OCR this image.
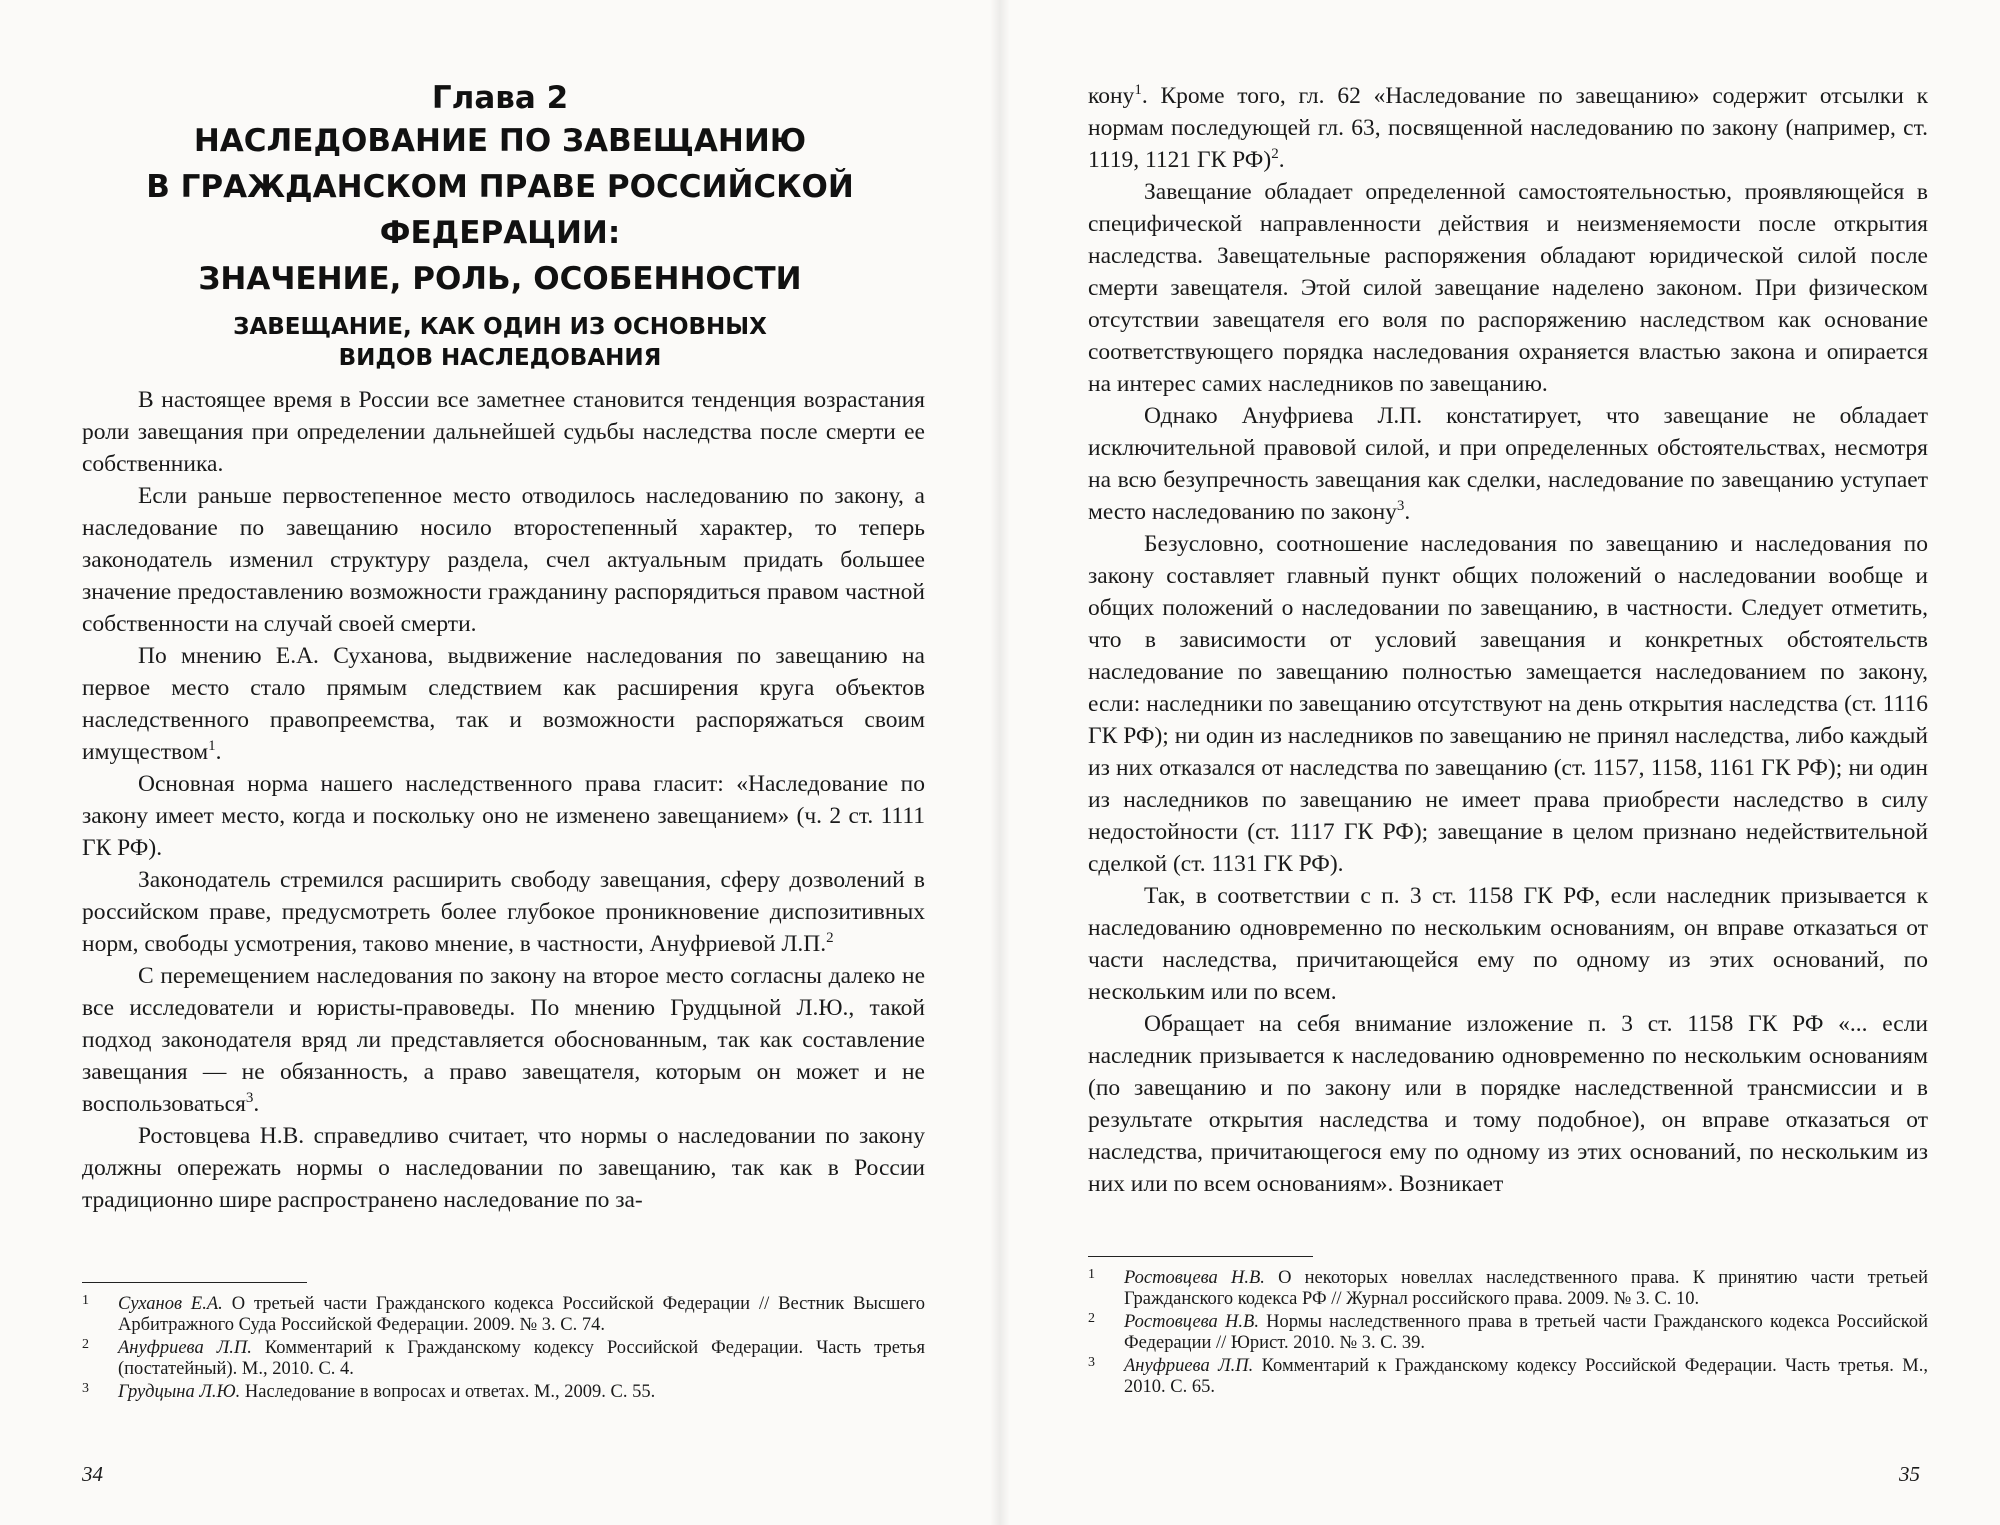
Глава 2
НАСЛЕДОВАНИЕ ПО ЗАВЕЩАНИЮ
В ГРАЖДАНСКОМ ПРАВЕ РОССИЙСКОЙ ФЕДЕРАЦИИ:
ЗНАЧЕНИЕ, РОЛЬ, ОСОБЕННОСТИ
ЗАВЕЩАНИЕ, КАК ОДИН ИЗ ОСНОВНЫХ
ВИДОВ НАСЛЕДОВАНИЯ

В настоящее время в России все заметнее становится тенденция возрастания роли завещания при определении дальнейшей судьбы наследства после смерти ее собственника.

Если раньше первостепенное место отводилось наследованию по закону, а наследование по завещанию носило второстепенный характер, то теперь законодатель изменил структуру раздела, счел актуальным придать большее значение предоставлению возможности гражданину распорядиться правом частной собственности на случай своей смерти.

По мнению Е.А. Суханова, выдвижение наследования по завещанию на первое место стало прямым следствием как расширения круга объектов наследственного правопреемства, так и возможности распоряжаться своим имуществом$^1$.

Основная норма нашего наследственного права гласит: «Наследование по закону имеет место, когда и поскольку оно не изменено завещанием» (ч. 2 ст. 1111 ГК РФ).

Законодатель стремился расширить свободу завещания, сферу дозволений в российском праве, предусмотреть более глубокое проникновение диспозитивных норм, свободы усмотрения, таково мнение, в частности, Ануфриевой Л.П.$^2$

С перемещением наследования по закону на второе место согласны далеко не все исследователи и юристы-правоведы. По мнению Грудцыной Л.Ю., такой подход законодателя вряд ли представляется обоснованным, так как составление завещания — не обязанность, а право завещателя, которым он может и не воспользоваться$^3$.

Ростовцева Н.В. справедливо считает, что нормы о наследовании по закону должны опережать нормы о наследовании по завещанию, так как в России традиционно шире распространено наследование по за-

1 Суханов Е.А. О третьей части Гражданского кодекса Российской Федерации // Вестник Высшего Арбитражного Суда Российской Федерации. 2009. № 3. С. 74.
2 Ануфриева Л.П. Комментарий к Гражданскому кодексу Российской Федерации. Часть третья (постатейный). М., 2010. С. 4.
3 Грудцына Л.Ю. Наследование в вопросах и ответах. М., 2009. С. 55.
34	35

кону$^1$. Кроме того, гл. 62 «Наследование по завещанию» содержит отсылки к нормам последующей гл. 63, посвященной наследованию по закону (например, ст. 1119, 1121 ГК РФ)$^2$.

Завещание обладает определенной самостоятельностью, проявляющейся в специфической направленности действия и неизменяемости после открытия наследства. Завещательные распоряжения обладают юридической силой после смерти завещателя. Этой силой завещание наделено законом. При физическом отсутствии завещателя его воля по распоряжению наследством как основание соответствующего порядка наследования охраняется властью закона и опирается на интерес самих наследников по завещанию.

Однако Ануфриева Л.П. констатирует, что завещание не обладает исключительной правовой силой, и при определенных обстоятельствах, несмотря на всю безупречность завещания как сделки, наследование по завещанию уступает место наследованию по закону$^3$.

Безусловно, соотношение наследования по завещанию и наследования по закону составляет главный пункт общих положений о наследовании вообще и общих положений о наследовании по завещанию, в частности. Следует отметить, что в зависимости от условий завещания и конкретных обстоятельств наследование по завещанию полностью замещается наследованием по закону, если: наследники по завещанию отсутствуют на день открытия наследства (ст. 1116 ГК РФ); ни один из наследников по завещанию не принял наследства, либо каждый из них отказался от наследства по завещанию (ст. 1157, 1158, 1161 ГК РФ); ни один из наследников по завещанию не имеет права приобрести наследство в силу недостойности (ст. 1117 ГК РФ); завещание в целом признано недействительной сделкой (ст. 1131 ГК РФ).

Так, в соответствии с п. 3 ст. 1158 ГК РФ, если наследник призывается к наследованию одновременно по нескольким основаниям, он вправе отказаться от части наследства, причитающейся ему по одному из этих оснований, по нескольким или по всем.

Обращает на себя внимание изложение п. 3 ст. 1158 ГК РФ «... если наследник призывается к наследованию одновременно по нескольким основаниям (по завещанию и по закону или в порядке наследственной трансмиссии и в результате открытия наследства и тому подобное), он вправе отказаться от наследства, причитающегося ему по одному из этих оснований, по нескольким из них или по всем основаниям». Возникает

1 Ростовцева Н.В. О некоторых новеллах наследственного права. К принятию части третьей Гражданского кодекса РФ // Журнал российского права. 2009. № 3. С. 10.
2 Ростовцева Н.В. Нормы наследственного права в третьей части Гражданского кодекса Российской Федерации // Юрист. 2010. № 3. С. 39.
3 Ануфриева Л.П. Комментарий к Гражданскому кодексу Российской Федерации. Часть третья. М., 2010. С. 65.
